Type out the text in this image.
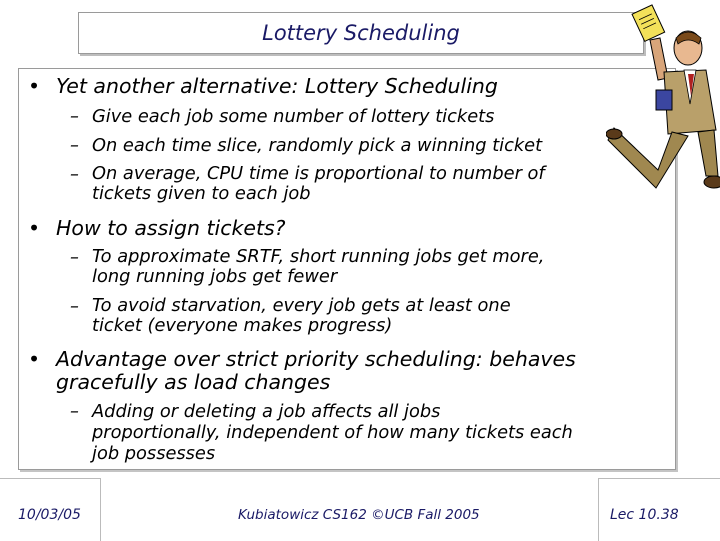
Lottery Scheduling
• Yet another alternative: Lottery Scheduling
– Give each job some number of lottery tickets
– On each time slice, randomly pick a winning ticket
– On average, CPU time is proportional to number of
tickets given to each job
• How to assign tickets?
– To approximate SRTF, short running jobs get more,
long running jobs get fewer
– To avoid starvation, every job gets at least one
ticket (everyone makes progress)
• Advantage over strict priority scheduling: behaves
gracefully as load changes
– Adding or deleting a job affects all jobs
proportionally, independent of how many tickets each
job possesses
10/03/05	Kubiatowicz CS162 ©UCB Fall 2005	Lec 10.38
